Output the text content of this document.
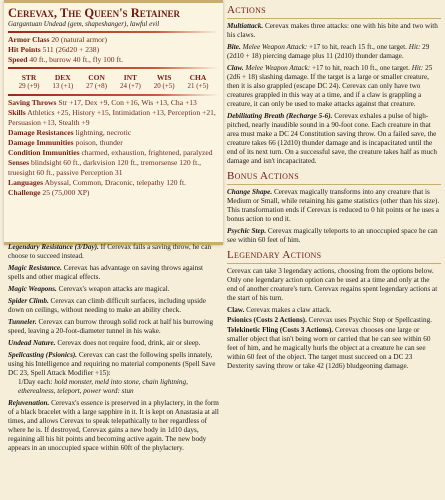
Cerevax, The Queen's Retainer
Gargantuan Undead (gem, shapeshanger), lawful evil
Armor Class 20 (natural armor)
Hit Points 511 (26d20 + 238)
Speed 40 ft., burrow 40 ft., fly 100 ft.
STR
29 (+9)
DEX
13 (+1)
CON
27 (+8)
INT
24 (+7)
WIS
20 (+5)
CHA
21 (+5)
Saving Throws Str +17, Dex +9, Con +16, Wis +13, Cha +13
Skills Athletics +25, History +15, Intimidation +13, Perception +21, Persuasion +13, Stealth +9
Damage Resistances lightning, necrotic
Damage Immunities poison, thunder
Condition Immunities charmed, exhaustion, frightened, paralyzed
Senses blindsight 60 ft., darkvision 120 ft., tremorsense 120 ft., truesight 60 ft., passive Perception 31
Languages Abyssal, Common, Draconic, telepathy 120 ft.
Challenge 25 (75,000 XP)
Legendary Resistance (3/Day). If Cerevax fails a saving throw, he can choose to succeed instead.
Magic Resistance. Cerevax has advantage on saving throws against spells and other magical effects.
Magic Weapons. Cerevax's weapon attacks are magical.
Spider Climb. Cerevax can climb difficult surfaces, including upside down on ceilings, without needing to make an ability check.
Tunneler. Cerevax can burrow through solid rock at half his burrowing speed, leaving a 20-foot-diameter tunnel in his wake.
Undead Nature. Cerevax does not require food, drink, air or sleep.
Spellcasting (Psionics). Cerevax can cast the following spells innately, using his Intelligence and requiring no material components (Spell Save DC 23, Spell Attack Modifier +15):
1/Day each: hold monster, meld into stone, chain lightning, etherealness, teleport, power word: stun
Rejuvenation. Cerevax's essence is preserved in a phylactery, in the form of a black bracelet with a large sapphire in it. It is kept on Anastasia at all times, and allows Cerevax to speak telepathically to her regardless of where he is. If destroyed, Cerevax gains a new body in 1d10 days, regaining all his hit points and becoming active again. The new body appears in an unoccupied space within 60ft of the phylactery.
Actions
Multiattack. Cerevax makes three attacks: one with his bite and two with his claws.
Bite. Melee Weapon Attack: +17 to hit, reach 15 ft., one target. Hit: 29 (2d10 + 18) piercing damage plus 11 (2d10) thunder damage.
Claw. Melee Weapon Attack: +17 to hit, reach 10 ft., one target. Hit: 25 (2d6 + 18) slashing damage. If the target is a large or smaller creature, then it is also grappled (escape DC 24). Cerevax can only have two creatures grappled in this way at a time, and if a claw is grappling a creature, it can only be used to make attacks against that creature.
Debilitating Breath (Recharge 5-6). Cerevax exhales a pulse of high-pitched, nearly inaudible sound in a 90-foot cone. Each creature in that area must make a DC 24 Constitution saving throw. On a failed save, the creature takes 66 (12d10) thunder damage and is incapacitated until the end of its next turn. On a successful save, the creature takes half as much damage and isn't incapacitated.
Bonus Actions
Change Shape. Cerevax magically transforms into any creature that is Medium or Small, while retaining his game statistics (other than his size). This transformation ends if Cerevax is reduced to 0 hit points or he uses a bonus action to end it.
Psychic Step. Cerevax magically teleports to an unoccupied space he can see within 60 feet of him.
Legendary Actions
Cerevax can take 3 legendary actions, choosing from the options below. Only one legendary action option can be used at a time and only at the end of another creature's turn. Cerevax regains spent legendary actions at the start of his turn.
Claw. Cerevax makes a claw attack.
Psionics (Costs 2 Actions). Cerevax uses Psychic Step or Spellcasting.
Telekinetic Fling (Costs 3 Actions). Cerevax chooses one large or smaller object that isn't being worn or carried that he can see within 60 feet of him, and he magically hurls the object at a creature he can see within 60 feet of the object. The target must succeed on a DC 23 Dexterity saving throw or take 42 (12d6) bludgeoning damage.
